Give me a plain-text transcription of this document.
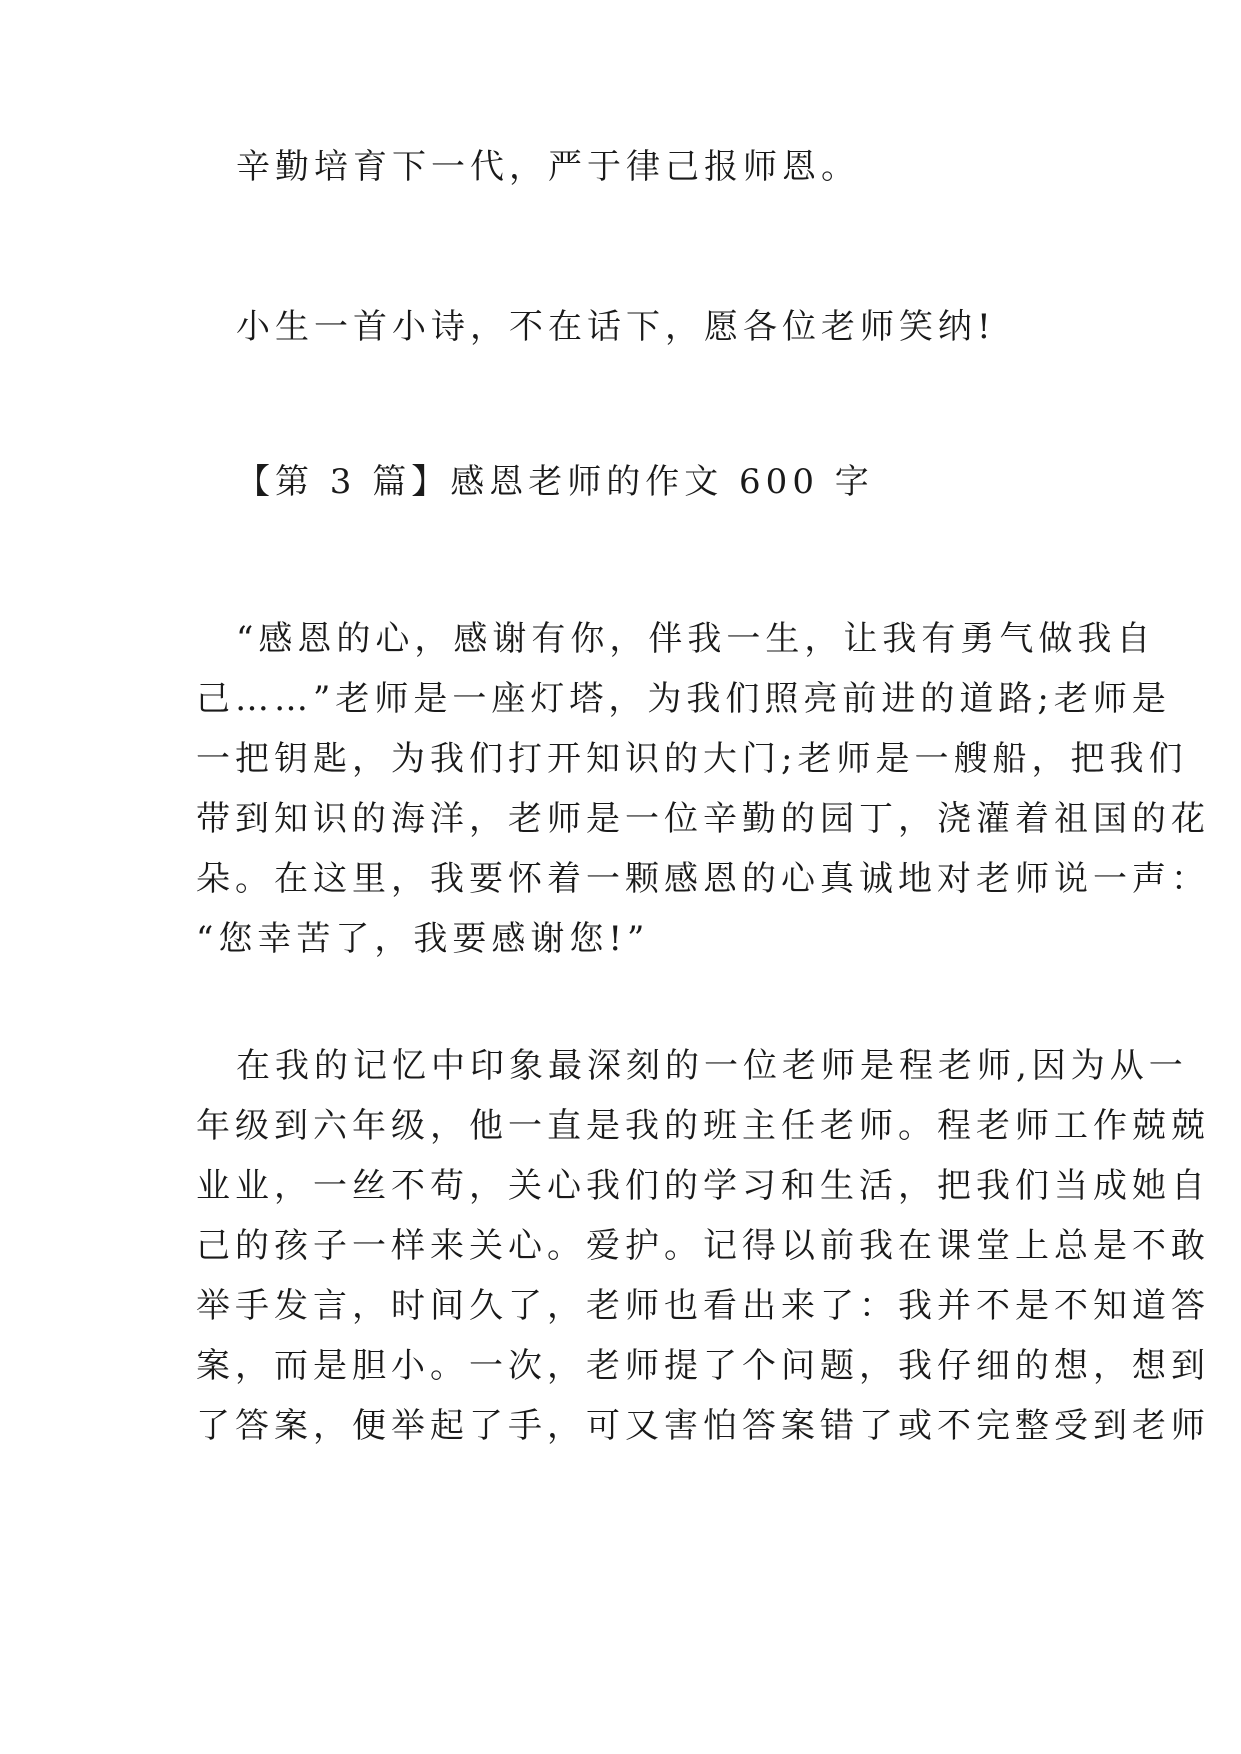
辛勤培育下一代，严于律己报师恩。
小生一首小诗，不在话下，愿各位老师笑纳!
【第 3 篇】感恩老师的作文 600 字

“感恩的心，感谢有你，伴我一生，让我有勇气做我自

己……”老师是一座灯塔，为我们照亮前进的道路;老师是

一把钥匙，为我们打开知识的大门;老师是一艘船，把我们

带到知识的海洋，老师是一位辛勤的园丁，浇灌着祖国的花

朵。在这里，我要怀着一颗感恩的心真诚地对老师说一声：

“您幸苦了，我要感谢您!”

在我的记忆中印象最深刻的一位老师是程老师,因为从一

年级到六年级，他一直是我的班主任老师。程老师工作兢兢

业业，一丝不苟，关心我们的学习和生活，把我们当成她自

己的孩子一样来关心。爱护。记得以前我在课堂上总是不敢

举手发言，时间久了，老师也看出来了：我并不是不知道答

案，而是胆小。一次，老师提了个问题，我仔细的想，想到

了答案，便举起了手，可又害怕答案错了或不完整受到老师
